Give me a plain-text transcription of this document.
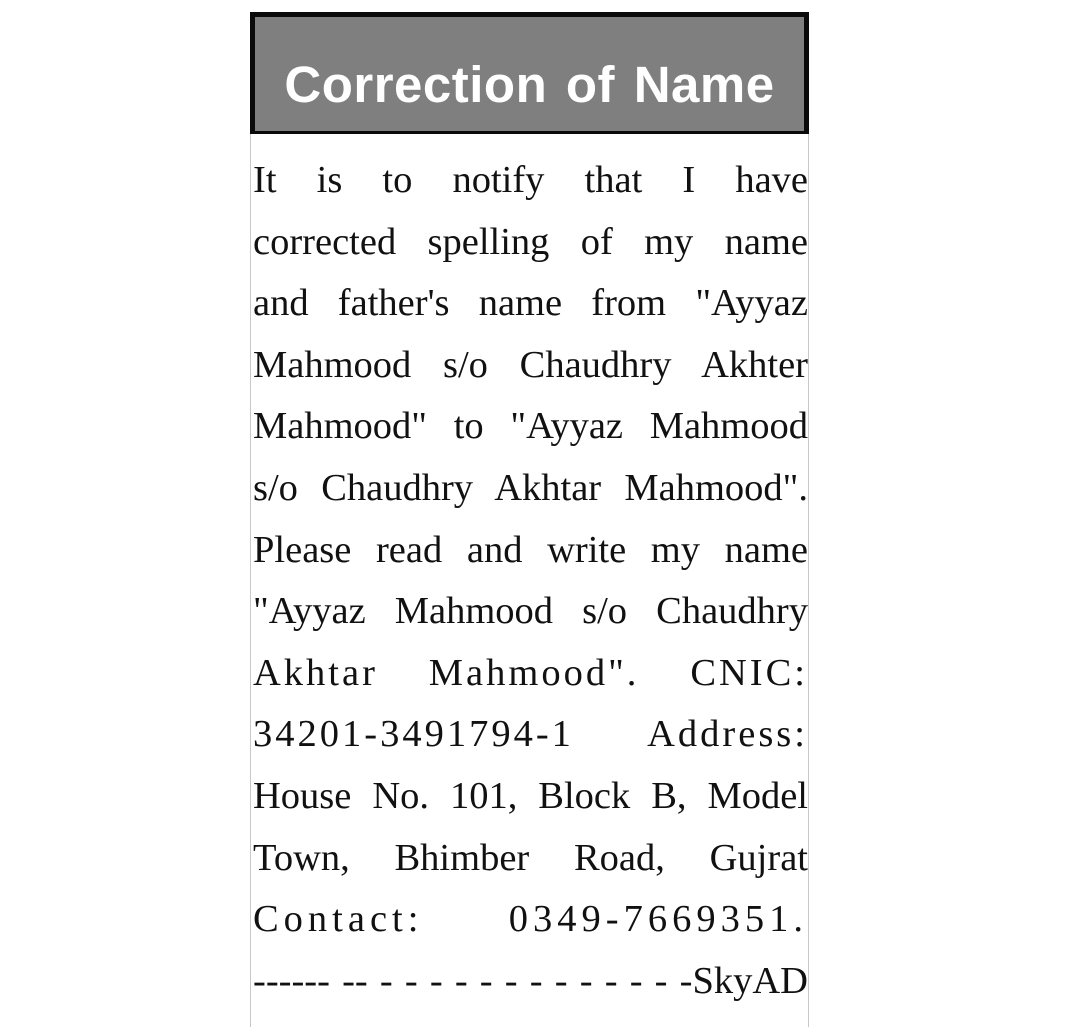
Correction of Name
It is to notify that I have
corrected spelling of my name
and father's name from "Ayyaz
Mahmood s/o Chaudhry Akhter
Mahmood" to "Ayyaz Mahmood
s/o Chaudhry Akhtar Mahmood".
Please read and write my name
"Ayyaz Mahmood s/o Chaudhry
Akhtar Mahmood". CNIC:
34201-3491794-1 Address:
House No. 101, Block B, Model
Town, Bhimber Road, Gujrat
Contact: 0349-7669351.
------ -- - - - - - - - - - - - - -SkyAD
